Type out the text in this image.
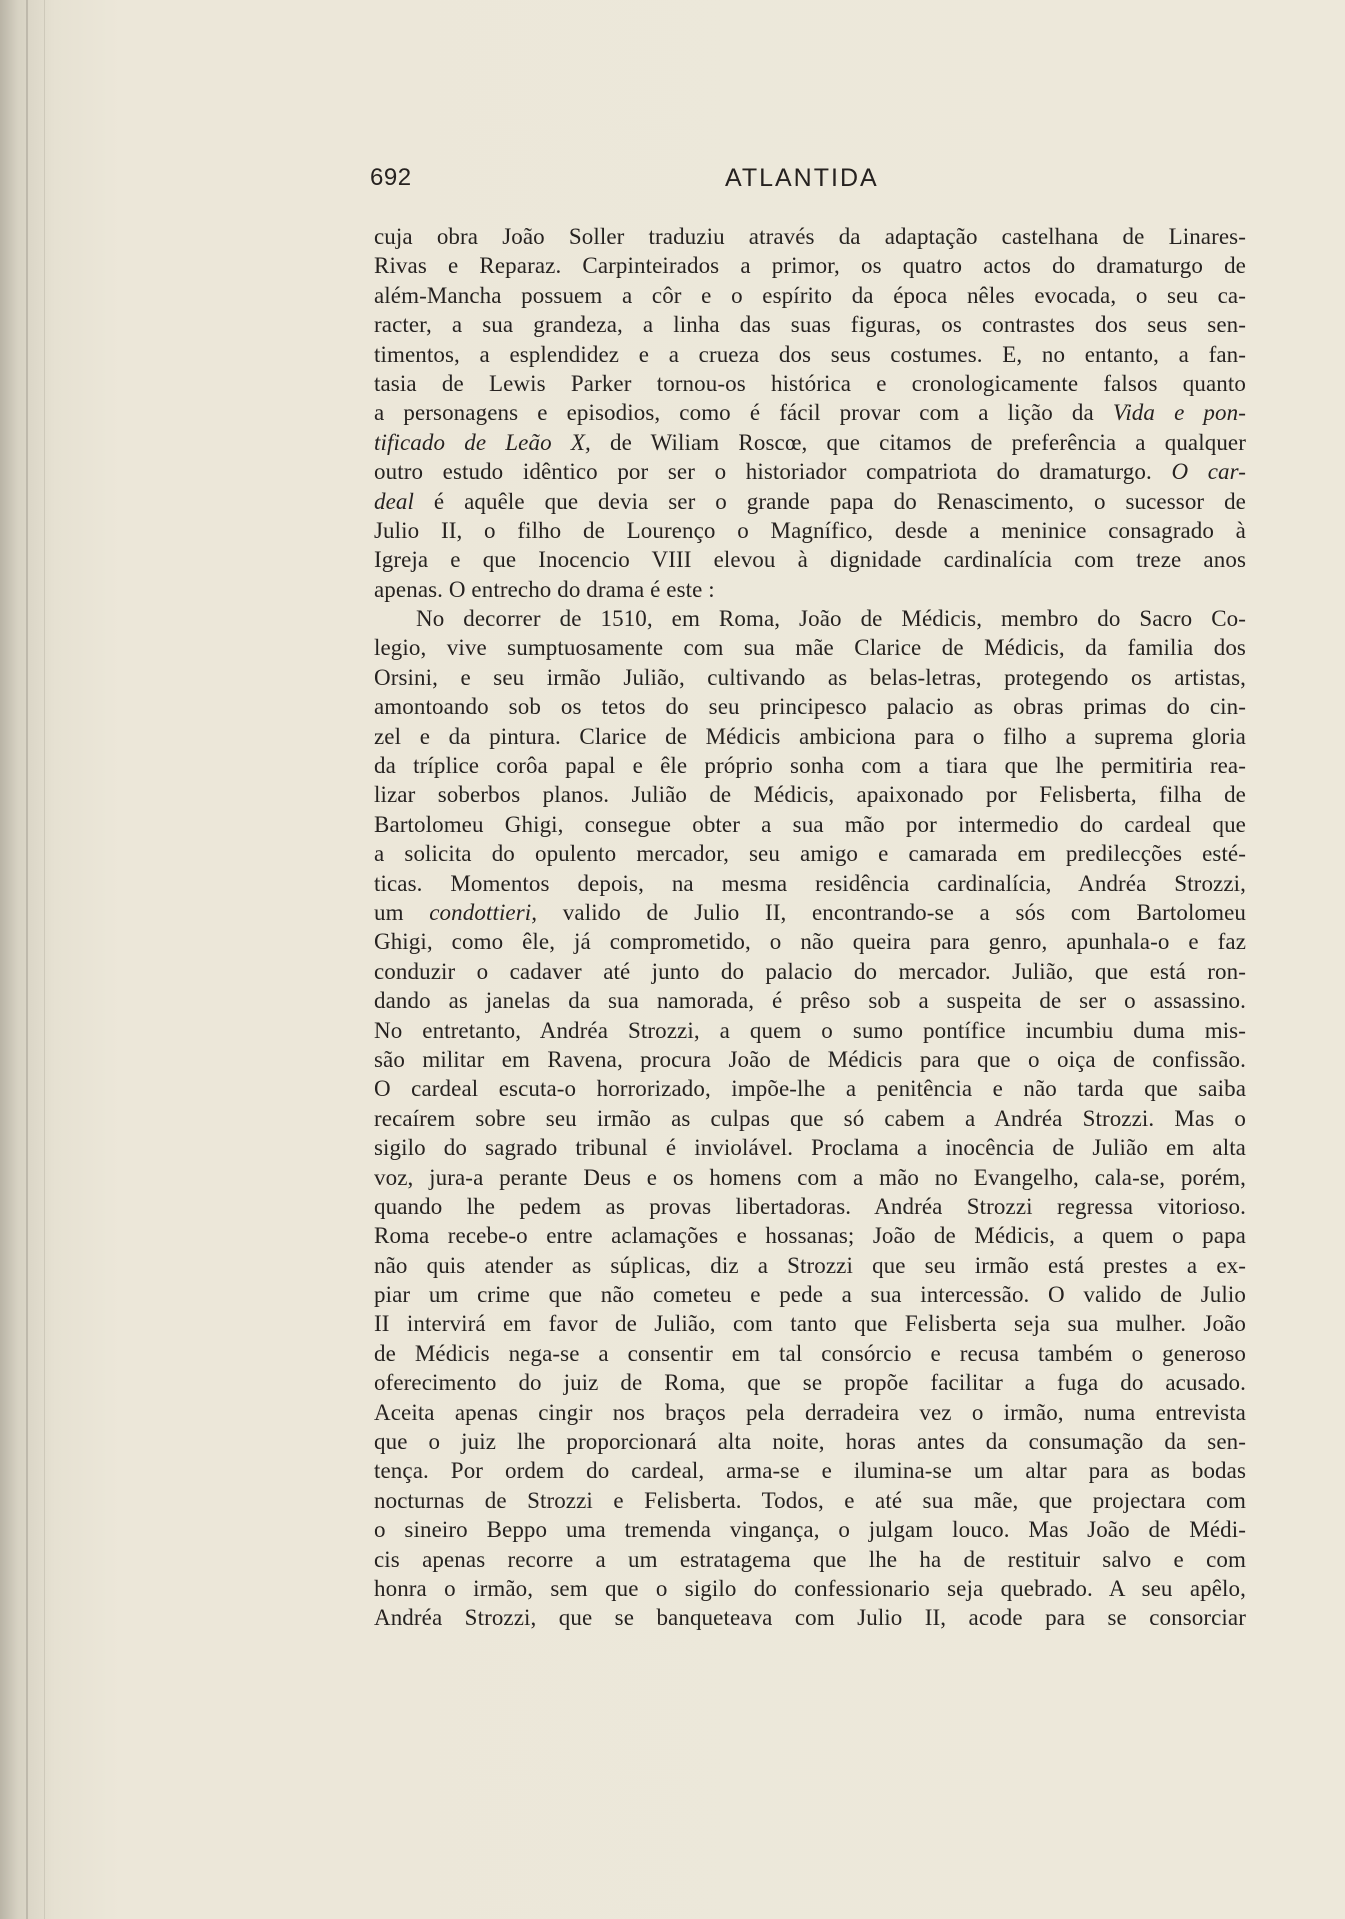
692	ATLANTIDA
cuja obra João Soller traduziu através da adaptação castelhana de Linares-
Rivas e Reparaz. Carpinteirados a primor, os quatro actos do dramaturgo de
além-Mancha possuem a côr e o espírito da época nêles evocada, o seu ca-
racter, a sua grandeza, a linha das suas figuras, os contrastes dos seus sen-
timentos, a esplendidez e a crueza dos seus costumes. E, no entanto, a fan-
tasia de Lewis Parker tornou-os histórica e cronologicamente falsos quanto
a personagens e episodios, como é fácil provar com a lição da Vida e pon-
tificado de Leão X, de Wiliam Roscœ, que citamos de preferência a qualquer
outro estudo idêntico por ser o historiador compatriota do dramaturgo. O car-
deal é aquêle que devia ser o grande papa do Renascimento, o sucessor de
Julio II, o filho de Lourenço o Magnífico, desde a meninice consagrado à
Igreja e que Inocencio VIII elevou à dignidade cardinalícia com treze anos
apenas. O entrecho do drama é este :
No decorrer de 1510, em Roma, João de Médicis, membro do Sacro Co-
legio, vive sumptuosamente com sua mãe Clarice de Médicis, da familia dos
Orsini, e seu irmão Julião, cultivando as belas-letras, protegendo os artistas,
amontoando sob os tetos do seu principesco palacio as obras primas do cin-
zel e da pintura. Clarice de Médicis ambiciona para o filho a suprema gloria
da tríplice corôa papal e êle próprio sonha com a tiara que lhe permitiria rea-
lizar soberbos planos. Julião de Médicis, apaixonado por Felisberta, filha de
Bartolomeu Ghigi, consegue obter a sua mão por intermedio do cardeal que
a solicita do opulento mercador, seu amigo e camarada em predilecções esté-
ticas. Momentos depois, na mesma residência cardinalícia, Andréa Strozzi,
um condottieri, valido de Julio II, encontrando-se a sós com Bartolomeu
Ghigi, como êle, já comprometido, o não queira para genro, apunhala-o e faz
conduzir o cadaver até junto do palacio do mercador. Julião, que está ron-
dando as janelas da sua namorada, é prêso sob a suspeita de ser o assassino.
No entretanto, Andréa Strozzi, a quem o sumo pontífice incumbiu duma mis-
são militar em Ravena, procura João de Médicis para que o oiça de confissão.
O cardeal escuta-o horrorizado, impõe-lhe a penitência e não tarda que saiba
recaírem sobre seu irmão as culpas que só cabem a Andréa Strozzi. Mas o
sigilo do sagrado tribunal é inviolável. Proclama a inocência de Julião em alta
voz, jura-a perante Deus e os homens com a mão no Evangelho, cala-se, porém,
quando lhe pedem as provas libertadoras. Andréa Strozzi regressa vitorioso.
Roma recebe-o entre aclamações e hossanas; João de Médicis, a quem o papa
não quis atender as súplicas, diz a Strozzi que seu irmão está prestes a ex-
piar um crime que não cometeu e pede a sua intercessão. O valido de Julio
II intervirá em favor de Julião, com tanto que Felisberta seja sua mulher. João
de Médicis nega-se a consentir em tal consórcio e recusa também o generoso
oferecimento do juiz de Roma, que se propõe facilitar a fuga do acusado.
Aceita apenas cingir nos braços pela derradeira vez o irmão, numa entrevista
que o juiz lhe proporcionará alta noite, horas antes da consumação da sen-
tença. Por ordem do cardeal, arma-se e ilumina-se um altar para as bodas
nocturnas de Strozzi e Felisberta. Todos, e até sua mãe, que projectara com
o sineiro Beppo uma tremenda vingança, o julgam louco. Mas João de Médi-
cis apenas recorre a um estratagema que lhe ha de restituir salvo e com
honra o irmão, sem que o sigilo do confessionario seja quebrado. A seu apêlo,
Andréa Strozzi, que se banqueteava com Julio II, acode para se consorciar
